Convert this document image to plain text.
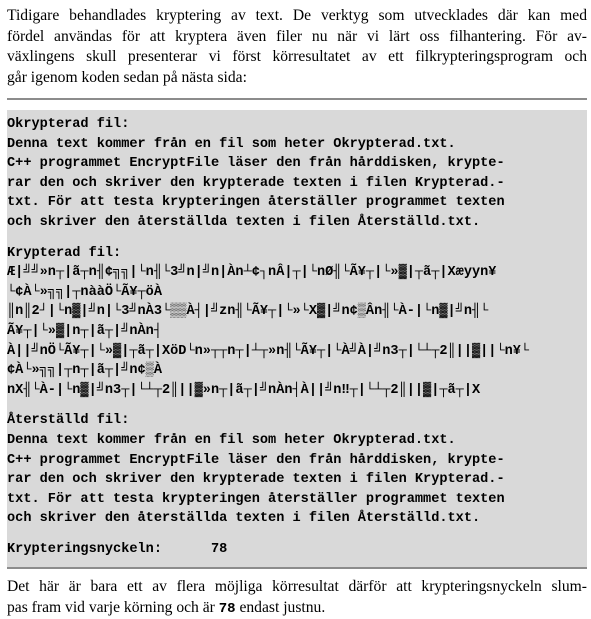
Tidigare behandlades kryptering av text. De verktyg som utvecklades där kan med

fördel användas för att kryptera även filer nu när vi lärt oss filhantering. För av-

växlingens skull presenterar vi först körresultatet av ett filkrypteringsprogram och

går igenom koden sedan på nästa sida:

Okrypterad fil:
Denna text kommer från en fil som heter Okrypterad.txt.
C++ programmet EncryptFile läser den från hårddisken, krypte-
rar den och skriver den krypterade texten i filen Krypterad.-
txt. För att testa krypteringen återställer programmet texten
och skriver den återställda texten i filen Återställd.txt.
Krypterad fil:
Æ|╝╝»n┬|ã┬n╢¢╗╗|└n╢└3╝n|╝n|Àn┴¢┐nÂ|┬|└nØ╢└Ã¥┬|└»▓|┬ã┬|Xæyyn¥
└¢À└»╗╗|┬nààÖ└Ã¥┬öÀ
║n║2┘|└n▓|╝n|└3╝nÀ3└▒▒À┤|╝zn╢└Ã¥┬|└»└X▓|╝n¢▒Ân╢└À-|└n▓|╝n╢└
Ã¥┬|└»▓|n┬|ã┬|╝nÀn┤
À||╝nÖ└Ã¥┬|└»▓|┬ã┬|XöD└n»┬┬n┬|┴┬»n╢└Ã¥┬|└À╝À|╝n3┬|└┴┬2║||▓||└n¥└
¢À└»╗╗|┬n┬|ã┬|╝n¢▒À
nX╢└À-|└n▓|╝n3┬|└┴┬2║||▓»n┬|ã┬|╝nÀn┤À||╝n‼┬|└┴┬2║||▓|┬ã┬|X
Återställd fil:
Denna text kommer från en fil som heter Okrypterad.txt.
C++ programmet EncryptFile läser den från hårddisken, krypte-
rar den och skriver den krypterade texten i filen Krypterad.-
txt. För att testa krypteringen återställer programmet texten
och skriver den återställda texten i filen Återställd.txt.
Krypteringsnyckeln:	78

Det här är bara ett av flera möjliga körresultat därför att krypteringsnyckeln slum-

pas fram vid varje körning och är 78 endast justnu.
